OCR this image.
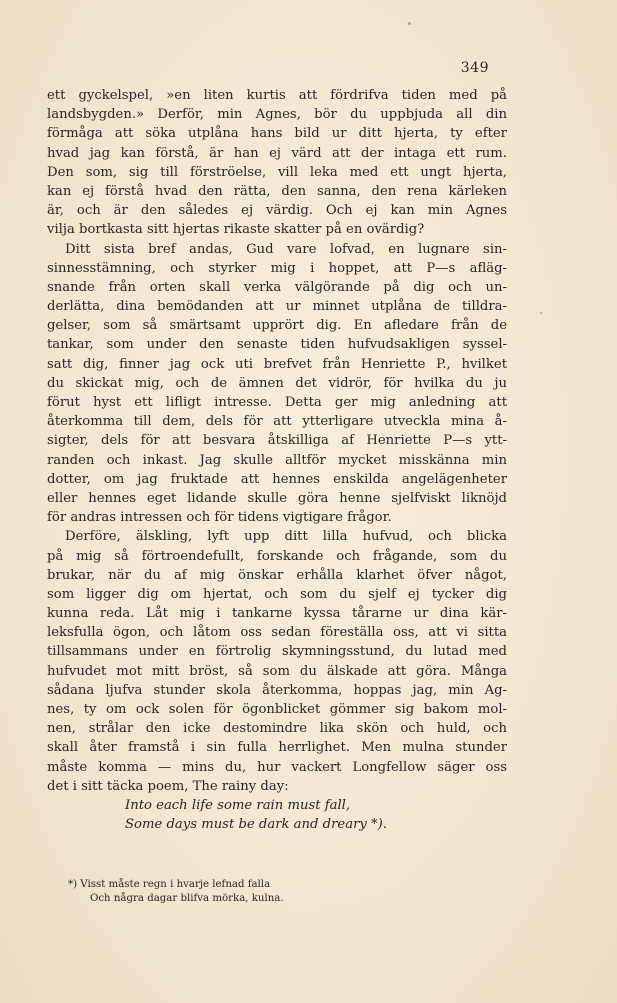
349
ett gyckelspel, »en liten kurtis att fördrifva tiden med på
landsbygden.» Derför, min Agnes, bör du uppbjuda all din
förmåga att söka utplåna hans bild ur ditt hjerta, ty efter
hvad jag kan förstå, är han ej värd att der intaga ett rum.
Den som, sig till förströelse, vill leka med ett ungt hjerta,
kan ej förstå hvad den rätta, den sanna, den rena kärleken
är, och är den således ej värdig. Och ej kan min Agnes
vilja bortkasta sitt hjertas rikaste skatter på en ovärdig?
Ditt sista bref andas, Gud vare lofvad, en lugnare sin-
sinnesstämning, och styrker mig i hoppet, att P—s afläg-
snande från orten skall verka välgörande på dig och un-
derlätta, dina bemödanden att ur minnet utplåna de tilldra-
gelser, som så smärtsamt upprört dig. En afledare från de
tankar, som under den senaste tiden hufvudsakligen syssel-
satt dig, finner jag ock uti brefvet från Henriette P., hvilket
du skickat mig, och de ämnen det vidrör, för hvilka du ju
förut hyst ett lifligt intresse. Detta ger mig anledning att
återkomma till dem, dels för att ytterligare utveckla mina å-
sigter, dels för att besvara åtskilliga af Henriette P—s ytt-
randen och inkast. Jag skulle alltför mycket misskänna min
dotter, om jag fruktade att hennes enskilda angelägenheter
eller hennes eget lidande skulle göra henne sjelfviskt liknöjd
för andras intressen och för tidens vigtigare frågor.
Derföre, älskling, lyft upp ditt lilla hufvud, och blicka
på mig så förtroendefullt, forskande och frågande, som du
brukar, när du af mig önskar erhålla klarhet öfver något,
som ligger dig om hjertat, och som du sjelf ej tycker dig
kunna reda. Låt mig i tankarne kyssa tårarne ur dina kär-
leksfulla ögon, och låtom oss sedan föreställa oss, att vi sitta
tillsammans under en förtrolig skymningsstund, du lutad med
hufvudet mot mitt bröst, så som du älskade att göra. Många
sådana ljufva stunder skola återkomma, hoppas jag, min Ag-
nes, ty om ock solen för ögonblicket gömmer sig bakom mol-
nen, strålar den icke destomindre lika skön och huld, och
skall åter framstå i sin fulla herrlighet. Men mulna stunder
måste komma — mins du, hur vackert Longfellow säger oss
det i sitt täcka poem, The rainy day:
Into each life some rain must fall,
Some days must be dark and dreary *).
*) Visst måste regn i hvarje lefnad falla
Och några dagar blifva mörka, kulna.
